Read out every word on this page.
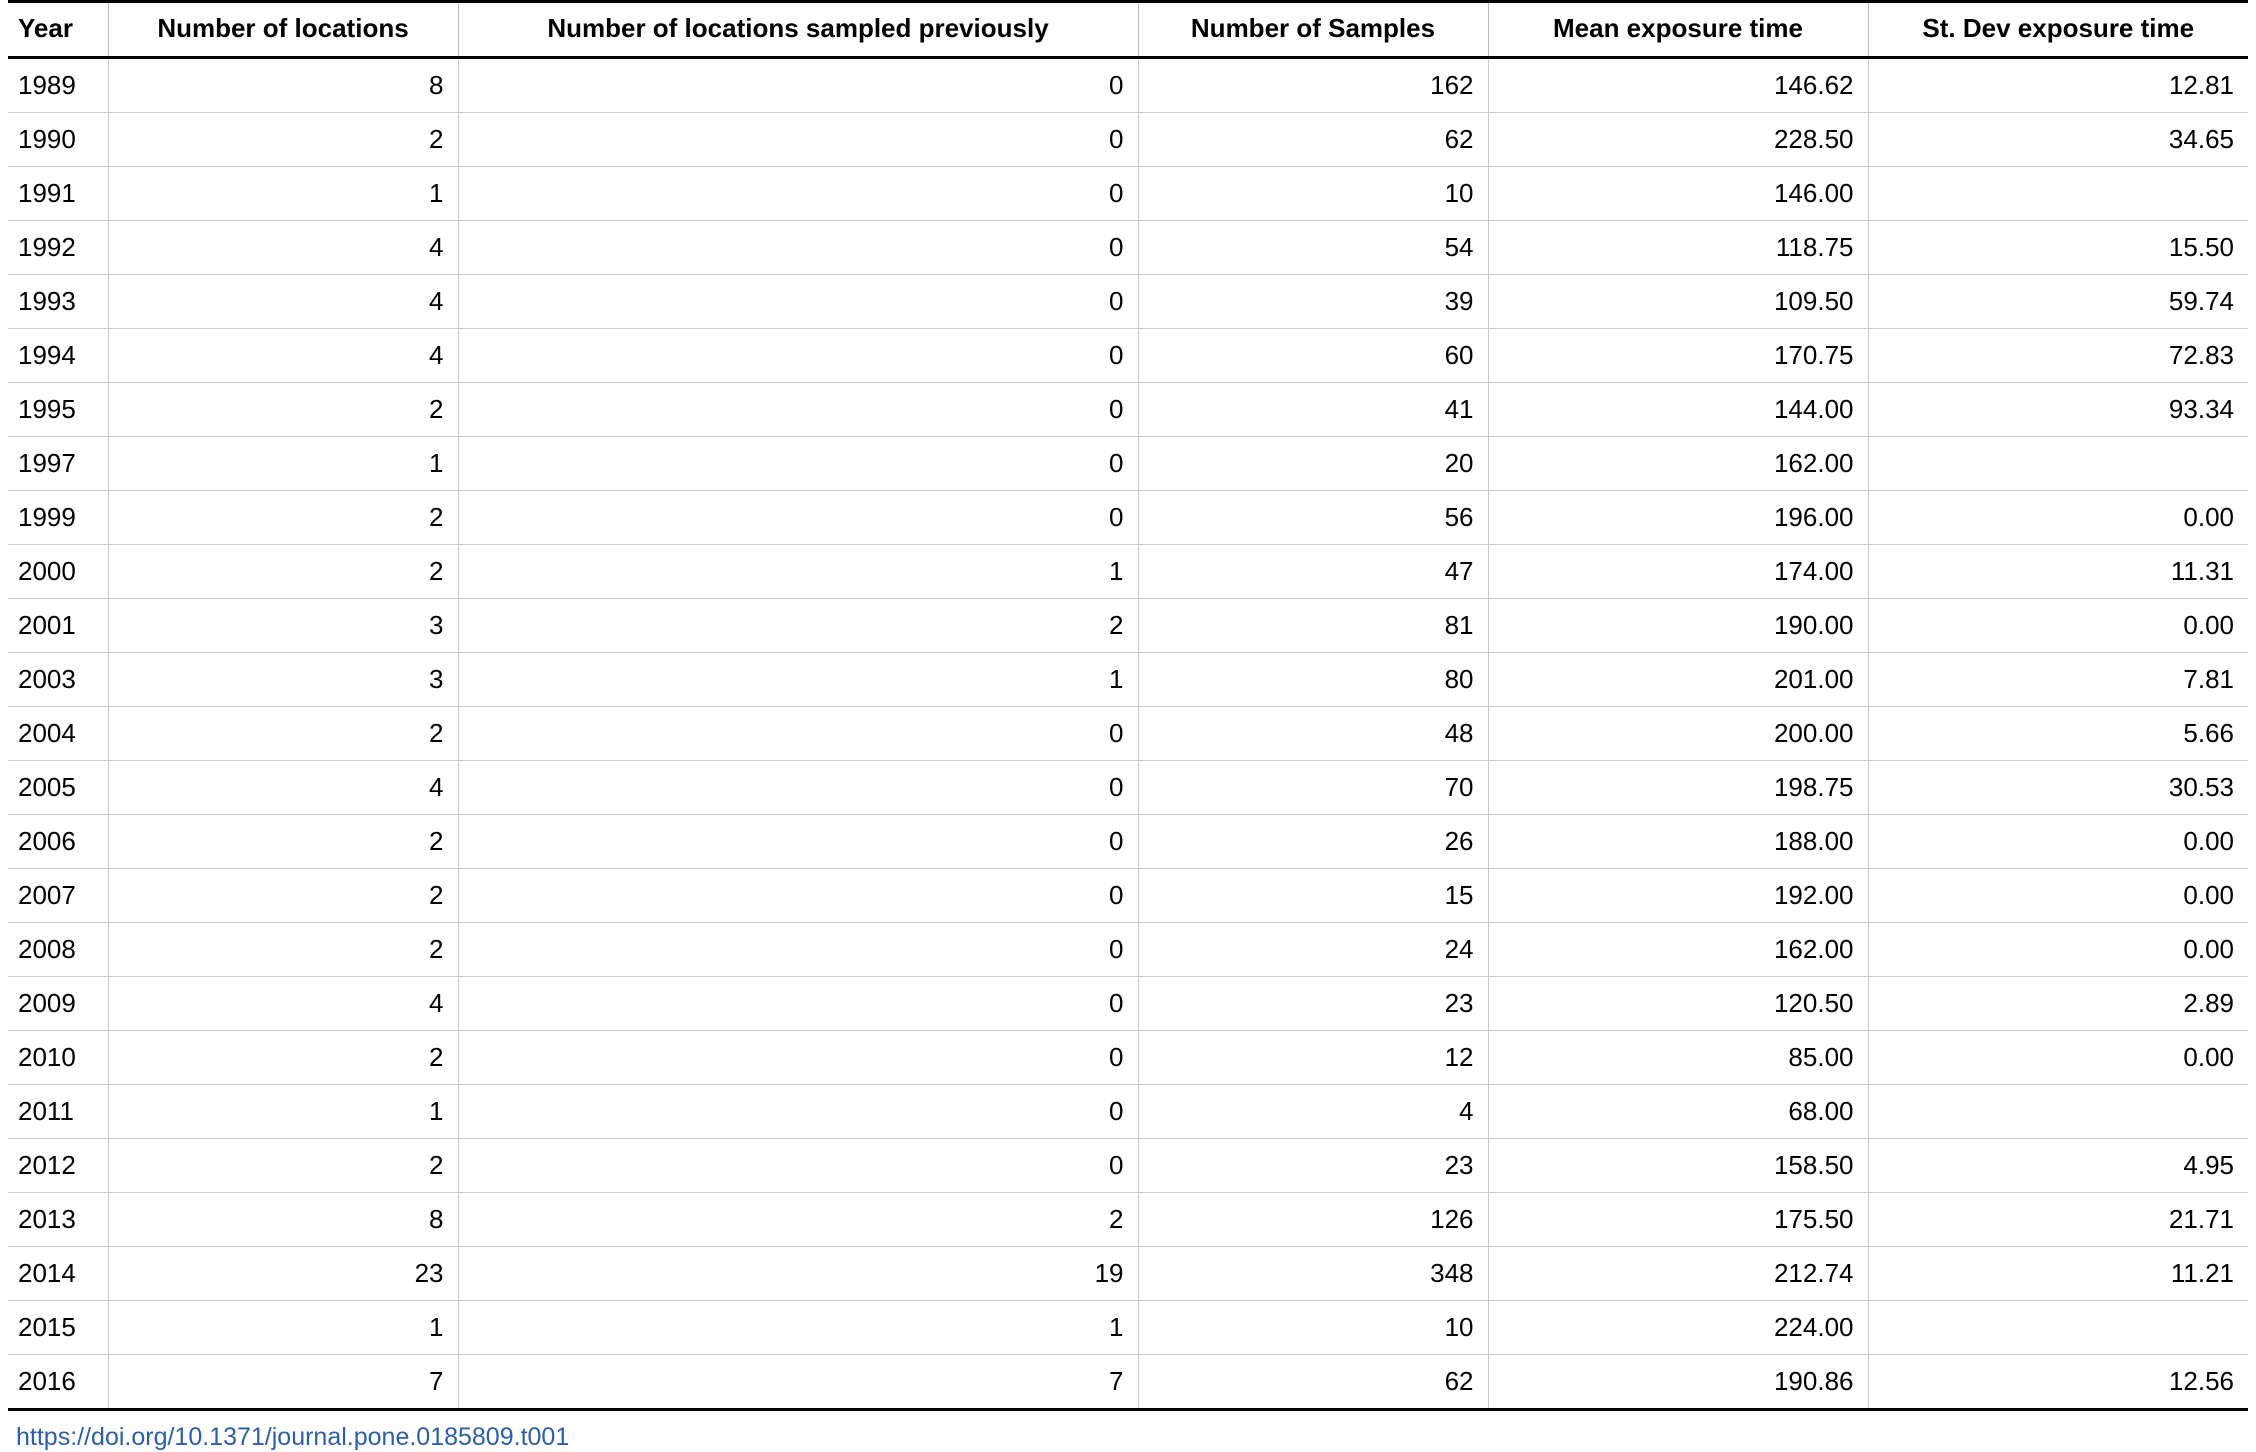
Year	Number of locations	Number of locations sampled previously	Number of Samples	Mean exposure time	St. Dev exposure time
1989	8	0	162	146.62	12.81
1990	2	0	62	228.50	34.65
1991	1	0	10	146.00	
1992	4	0	54	118.75	15.50
1993	4	0	39	109.50	59.74
1994	4	0	60	170.75	72.83
1995	2	0	41	144.00	93.34
1997	1	0	20	162.00	
1999	2	0	56	196.00	0.00
2000	2	1	47	174.00	11.31
2001	3	2	81	190.00	0.00
2003	3	1	80	201.00	7.81
2004	2	0	48	200.00	5.66
2005	4	0	70	198.75	30.53
2006	2	0	26	188.00	0.00
2007	2	0	15	192.00	0.00
2008	2	0	24	162.00	0.00
2009	4	0	23	120.50	2.89
2010	2	0	12	85.00	0.00
2011	1	0	4	68.00	
2012	2	0	23	158.50	4.95
2013	8	2	126	175.50	21.71
2014	23	19	348	212.74	11.21
2015	1	1	10	224.00	
2016	7	7	62	190.86	12.56
https://doi.org/10.1371/journal.pone.0185809.t001
